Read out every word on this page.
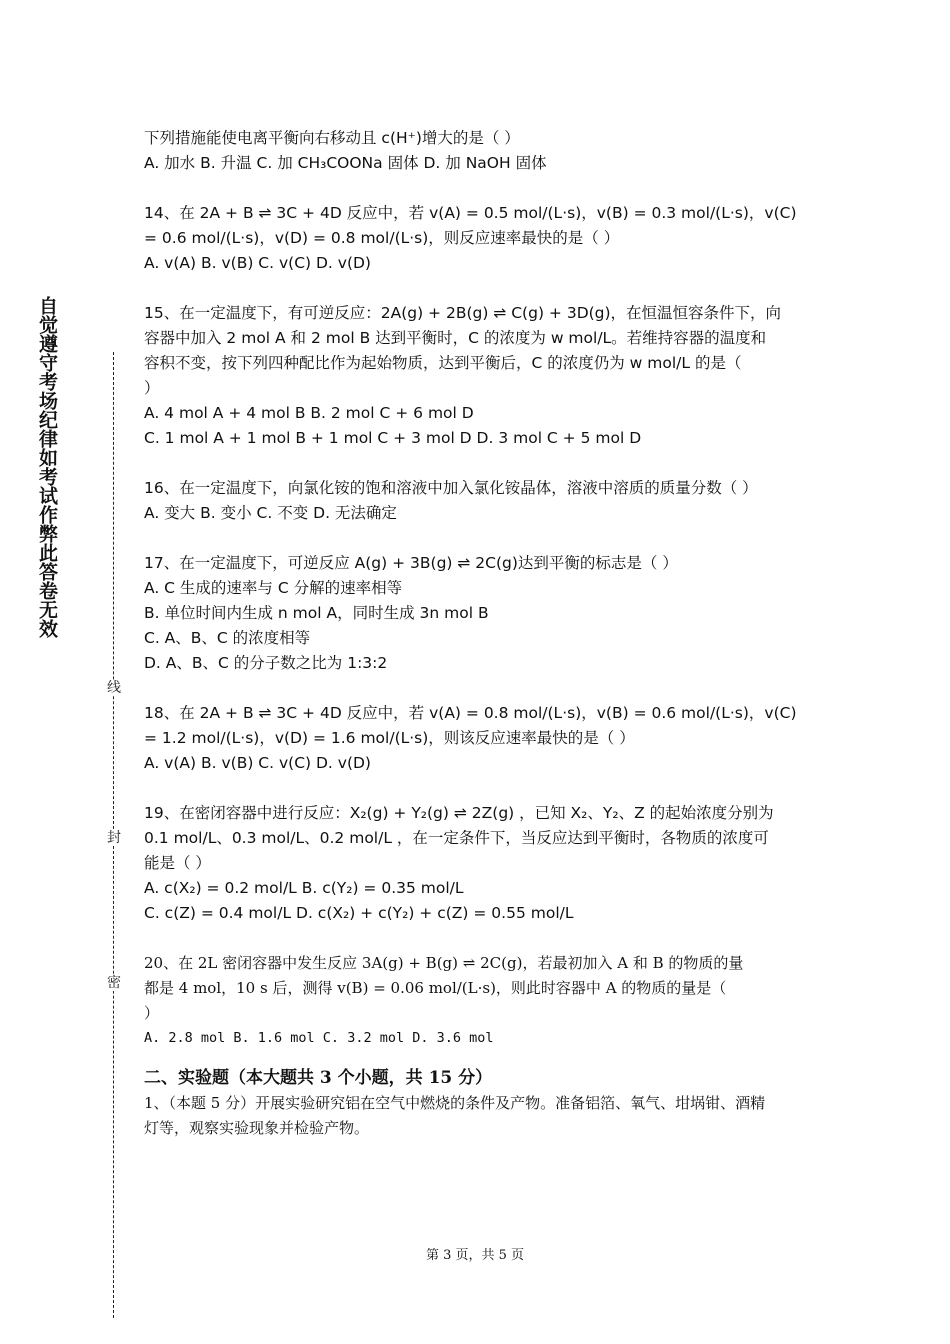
自觉遵守考场纪律如考试作弊此答卷无效
线
封
密

下列措施能使电离平衡向右移动且 c(H⁺)增大的是（ ）

A. 加水 B. 升温 C. 加 CH₃COONa 固体 D. 加 NaOH 固体

14、在 2A + B ⇌ 3C + 4D 反应中，若 v(A) = 0.5 mol/(L·s)，v(B) = 0.3 mol/(L·s)，v(C)

= 0.6 mol/(L·s)，v(D) = 0.8 mol/(L·s)，则反应速率最快的是（ ）

A. v(A) B. v(B) C. v(C) D. v(D)

15、在一定温度下，有可逆反应：2A(g) + 2B(g) ⇌ C(g) + 3D(g)，在恒温恒容条件下，向

容器中加入 2 mol A 和 2 mol B 达到平衡时，C 的浓度为 w mol/L。若维持容器的温度和

容积不变，按下列四种配比作为起始物质，达到平衡后，C 的浓度仍为 w mol/L 的是（

）

A. 4 mol A + 4 mol B B. 2 mol C + 6 mol D

C. 1 mol A + 1 mol B + 1 mol C + 3 mol D D. 3 mol C + 5 mol D

16、在一定温度下，向氯化铵的饱和溶液中加入氯化铵晶体，溶液中溶质的质量分数（ ）

A. 变大 B. 变小 C. 不变 D. 无法确定

17、在一定温度下，可逆反应 A(g) + 3B(g) ⇌ 2C(g)达到平衡的标志是（ ）

A. C 生成的速率与 C 分解的速率相等

B. 单位时间内生成 n mol A，同时生成 3n mol B

C. A、B、C 的浓度相等

D. A、B、C 的分子数之比为 1:3:2

18、在 2A + B ⇌ 3C + 4D 反应中，若 v(A) = 0.8 mol/(L·s)，v(B) = 0.6 mol/(L·s)，v(C)

= 1.2 mol/(L·s)，v(D) = 1.6 mol/(L·s)，则该反应速率最快的是（ ）

A. v(A) B. v(B) C. v(C) D. v(D)

19、在密闭容器中进行反应：X₂(g) + Y₂(g) ⇌ 2Z(g) ，已知 X₂、Y₂、Z 的起始浓度分别为

0.1 mol/L、0.3 mol/L、0.2 mol/L ，在一定条件下，当反应达到平衡时，各物质的浓度可

能是（ ）

A. c(X₂) = 0.2 mol/L B. c(Y₂) = 0.35 mol/L

C. c(Z) = 0.4 mol/L D. c(X₂) + c(Y₂) + c(Z) = 0.55 mol/L

20、在 2L 密闭容器中发生反应 3A(g) + B(g) ⇌ 2C(g)，若最初加入 A 和 B 的物质的量

都是 4 mol，10 s 后，测得 v(B) = 0.06 mol/(L·s)，则此时容器中 A 的物质的量是（

）

A. 2.8 mol B. 1.6 mol C. 3.2 mol D. 3.6 mol

二、实验题（本大题共 3 个小题，共 15 分）

1、（本题 5 分）开展实验研究铝在空气中燃烧的条件及产物。准备铝箔、氧气、坩埚钳、酒精

灯等，观察实验现象并检验产物。

第 3 页，共 5 页
